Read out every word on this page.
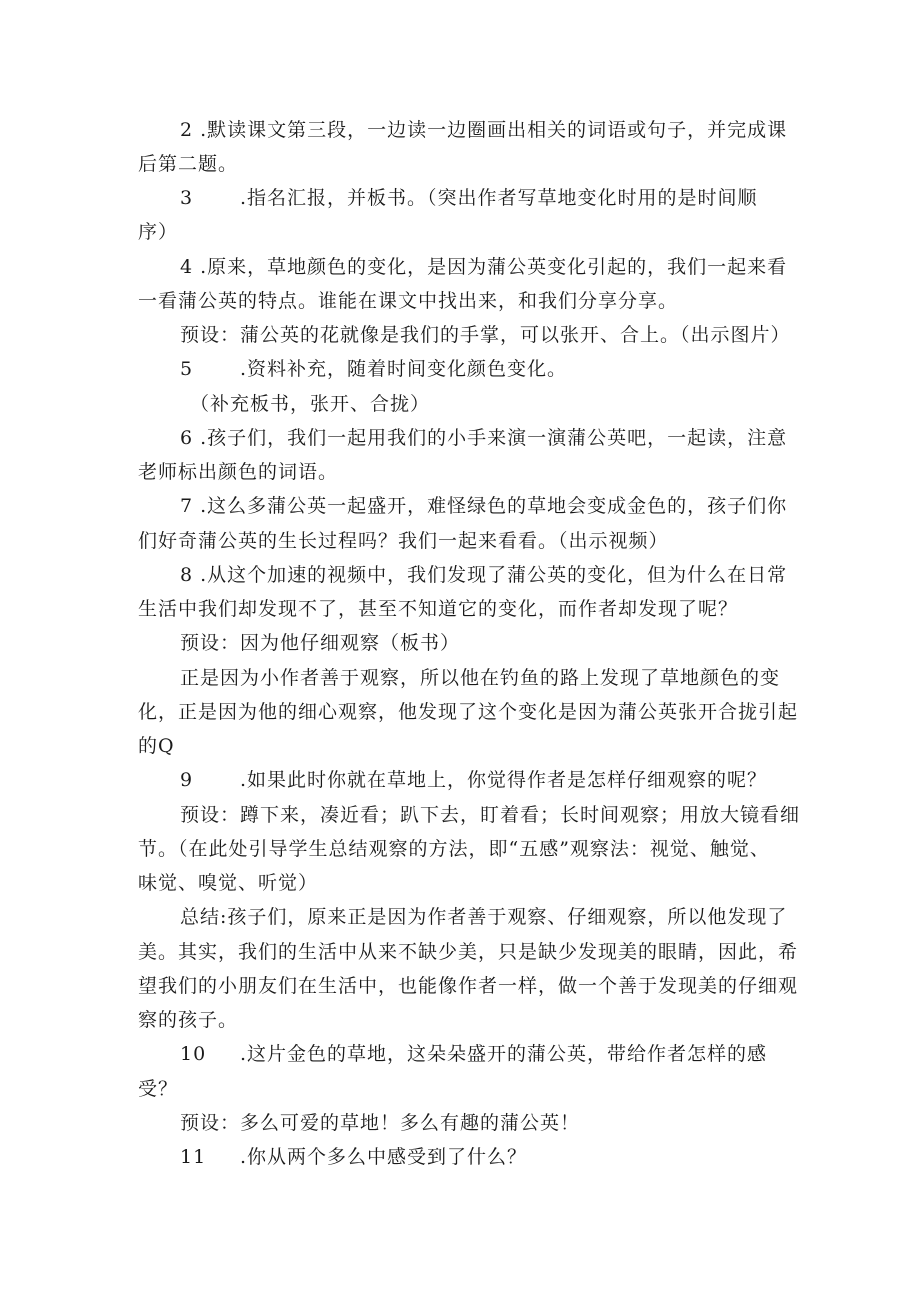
2 .默读课文第三段，一边读一边圈画出相关的词语或句子，并完成课
后第二题。
3 .指名汇报，并板书。（突出作者写草地变化时用的是时间顺
序）
4 .原来，草地颜色的变化，是因为蒲公英变化引起的，我们一起来看
一看蒲公英的特点。谁能在课文中找出来，和我们分享分享。
预设：蒲公英的花就像是我们的手掌，可以张开、合上。（出示图片）
5 .资料补充，随着时间变化颜色变化。
（补充板书，张开、合拢）
6 .孩子们，我们一起用我们的小手来演一演蒲公英吧，一起读，注意
老师标出颜色的词语。
7 .这么多蒲公英一起盛开，难怪绿色的草地会变成金色的，孩子们你
们好奇蒲公英的生长过程吗？我们一起来看看。（出示视频）
8 .从这个加速的视频中，我们发现了蒲公英的变化，但为什么在日常
生活中我们却发现不了，甚至不知道它的变化，而作者却发现了呢？
预设：因为他仔细观察（板书）
正是因为小作者善于观察，所以他在钓鱼的路上发现了草地颜色的变
化，正是因为他的细心观察，他发现了这个变化是因为蒲公英张开合拢引起
的Q
9 .如果此时你就在草地上，你觉得作者是怎样仔细观察的呢？
预设：蹲下来，凑近看；趴下去，盯着看；长时间观察；用放大镜看细
节。（在此处引导学生总结观察的方法，即“五感”观察法：视觉、触觉、
味觉、嗅觉、听觉）
总结:孩子们，原来正是因为作者善于观察、仔细观察，所以他发现了
美。其实，我们的生活中从来不缺少美，只是缺少发现美的眼睛，因此，希
望我们的小朋友们在生活中，也能像作者一样，做一个善于发现美的仔细观
察的孩子。
10 .这片金色的草地，这朵朵盛开的蒲公英，带给作者怎样的感
受？
预设：多么可爱的草地！多么有趣的蒲公英！
11 .你从两个多么中感受到了什么？
